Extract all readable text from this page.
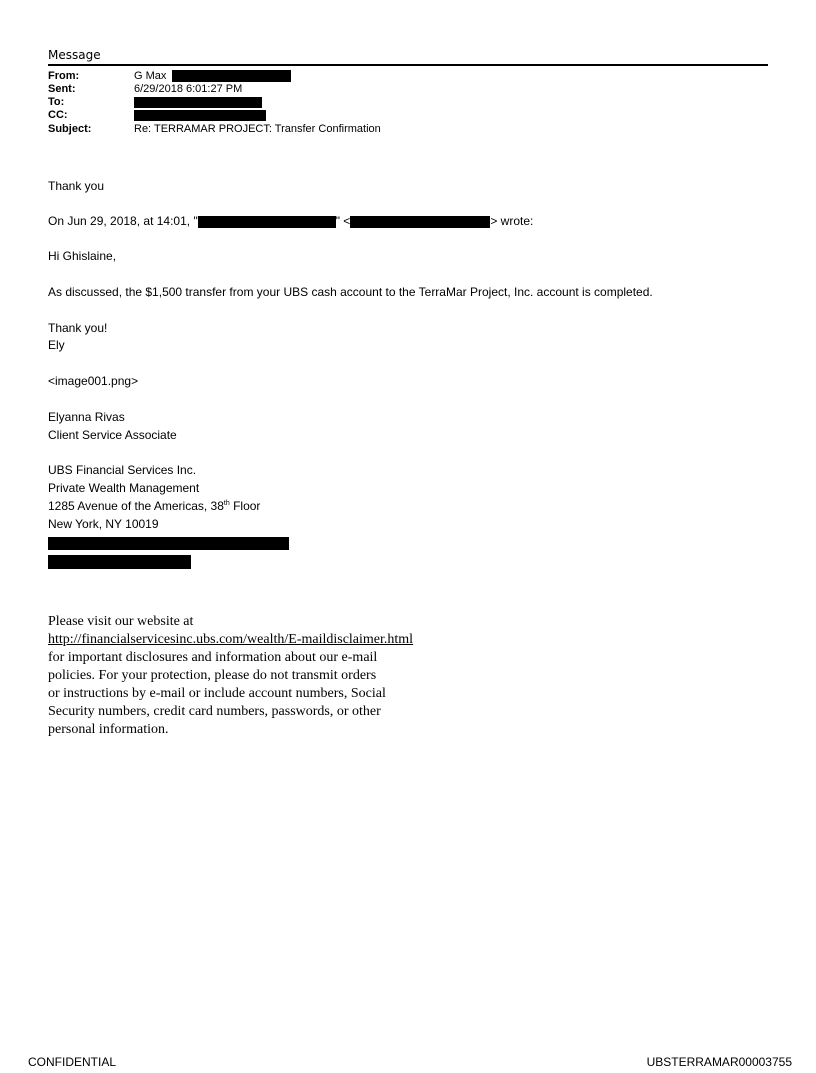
Message
From:	G Max
Sent:	6/29/2018 6:01:27 PM
To:
CC:
Subject:	Re: TERRAMAR PROJECT: Transfer Confirmation
Thank you
On Jun 29, 2018, at 14:01, "	" <	> wrote:
Hi Ghislaine,
As discussed, the $1,500 transfer from your UBS cash account to the TerraMar Project, Inc. account is completed.
Thank you!
Ely
<image001.png>
Elyanna Rivas
Client Service Associate
UBS Financial Services Inc.
Private Wealth Management
1285 Avenue of the Americas, 38th Floor
New York, NY 10019
Please visit our website at
http://financialservicesinc.ubs.com/wealth/E-maildisclaimer.html
for important disclosures and information about our e-mail
policies. For your protection, please do not transmit orders
or instructions by e-mail or include account numbers, Social
Security numbers, credit card numbers, passwords, or other
personal information.
CONFIDENTIAL	UBSTERRAMAR00003755
